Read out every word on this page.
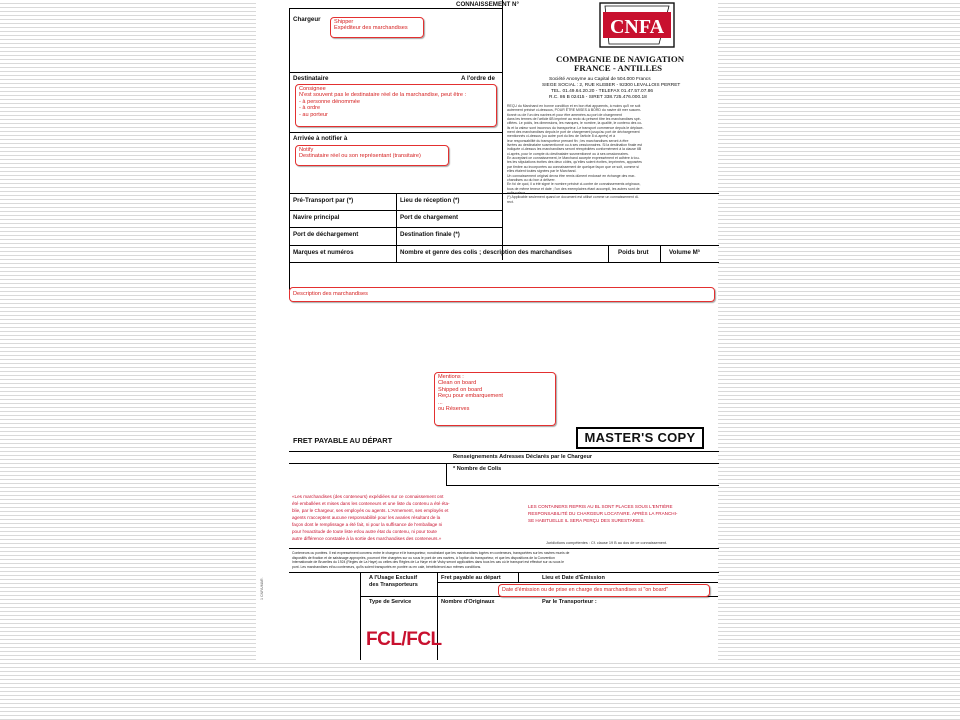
CONNAISSEMENT N°
Chargeur
Destinataire	A l'ordre de
Arrivée à notifier à
CNFA
COMPAGNIE DE NAVIGATION
FRANCE - ANTILLES
Société Anonyme au Capital de 504.000 Francs
SIEGE SOCIAL : 2, RUE KLEBER - 92300 LEVALLOIS PERRET
TEL. 01.49.64.20.20 - TELEFAX 01.47.57.07.86
R.C. 86 B 02415 - SIRET 338.725.476.000.18
REÇU du Marchand en bonne condition et en bon état apparents, à moins qu'il ne soit
autrement précisé ci-dessous, POUR ÊTRE MISES A BORD du navire dit mer suscen-
tionné ou de l'un des navires et pour être amenées au port de chargement
dans les termes de l'article 6B imprimé au recto du présent titre les marchandises spé-
cifiées. Le poids, les dimensions, les marques, le nombre, la qualité, le contenu des co-
lis et la valeur sont inconnus du transporteur. Le transport commence depuis le déplace-
ment des marchandises depuis le port de chargement jusqu'au port de déchargement
mentionnés ci-dessus (ou autre port du lieu de l'article 8 ci-après) et à
leur responsabilité du transporteur prenant fin ; les marchandises seront à être
livrées au destinataire susmentionné ou à ses cessionnaires. Si la destination finale est
indiquée ci-dessus les marchandises seront réexpédiées conformément à la clause 6B
ci-après, pour le compte du destinataire susmentionné ou à ses cessionnaires.
En acceptant ce connaissement, le Marchand accepte expressément et adhère à tou-
tes les stipulations écrites des deux côtés, qu'elles soient écrites, imprimées, apposées
par timbre au incorporées au connaissement de quelque façon que ce soit, comme si
elles étaient toutes signées par le Marchand.
Un connaissement original devra être remis dûment endossé en échange des mar-
chandises ou du bon à délivrer.
En foi de quoi, il a été signé le nombre précisé ci-contre de connaissements originaux,
tous de même teneur et date ; l'un des exemplaires étant accompli, les autres sont de
nulle valeur.
(*) Applicable seulement quand ce document est utilisé comme un connaissement di-
rect.
Pré-Transport par (*)	Lieu de réception (*)
Navire principal	Port de chargement
Port de déchargement	Destination finale (*)
Marques et numéros	Nombre et genre des colis ; description des marchandises	Poids brut	Volume M³
Shipper
Expéditeur des marchandises
Consignee
N'est souvent pas le destinataire réel de la marchandise, peut être :
- à personne dénommée
- à ordre
- au porteur
Notify
Destinataire réel ou son représentant (transitaire)
Description des marchandises
Mentions :
Clean on board
Shipped on board
Reçu pour embarquement
...
ou Réserves
Date d'émission ou de prise en charge des marchandises si "on board"
FRET PAYABLE AU DÉPART	MASTER'S COPY
Renseignements Adresses Déclarés par le Chargeur
* Nombre de Colis
«Les marchandises (des conteneurs) expédiées sur ce connaissement ont
été emballées et mises dans les conteneurs et une liste du contenu a été éta-
blie, par le Chargeur, ses employés ou agents. L'Armement, ses employés et
agents n'acceptent aucune responsabilité pour les avaries résultant de la
façon dont le remplissage a été fait, ni pour la suffisance de l'emballage ni
pour l'exactitude de toute liste et/ou autre état du contenu, ni pour toute
autre différence constatée à la sortie des marchandises des conteneurs.»
LES CONTAINERS REPRIS AU BL SONT PLACES SOUS L'ENTIÈRE
RESPONSABILITÉ DU CHARGEUR LOCATAIRE. APRÈS LA FRANCHI-
SE HABITUELLE IL SERA PERÇU DES SURESTARIES.
Juridictions compétentes : Cf. clause 19 B au dos de ce connaissement.
Conteneurs ou pontées. Il est expressément convenu entre le chargeur et le transporteur, nonobstant que les marchandises logées en conteneurs, transportées sur les navires munis de
dispositifs de fixation et de saisissage appropriés, pourront être chargées sur ou sous le pont de ces navires, à l'option du transporteur, et que les dispositions de la Convention
Internationale de Bruxelles du 1924 (Règles de La Haye) ou celles des Règles de La Haye et de Visby seront applicables dans tous les cas où le transport est effectué sur ou sous le
pont. Les marchandises et/ou conteneurs, qu'ils soient transportés en pontée ou en cale, bénéficieront aux mêmes conditions.
A l'Usage Exclusif
des Transporteurs
Type de Service
FCL/FCL
Fret payable au départ	Lieu et Date d'Émission
Nombre d'Originaux	Par le Transporteur :
1 CNFA/MAR.
